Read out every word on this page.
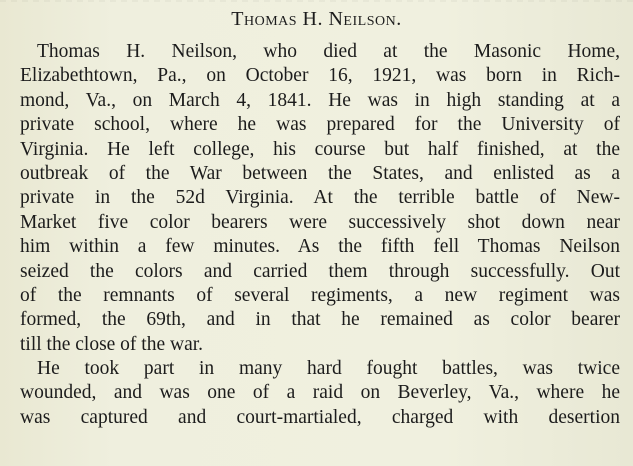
Thomas H. Neilson.
Thomas H. Neilson, who died at the Masonic Home,
Elizabethtown, Pa., on October 16, 1921, was born in Rich-
mond, Va., on March 4, 1841. He was in high standing at a
private school, where he was prepared for the University of
Virginia. He left college, his course but half finished, at the
outbreak of the War between the States, and enlisted as a
private in the 52d Virginia. At the terrible battle of New-
Market five color bearers were successively shot down near
him within a few minutes. As the fifth fell Thomas Neilson
seized the colors and carried them through successfully. Out
of the remnants of several regiments, a new regiment was
formed, the 69th, and in that he remained as color bearer
till the close of the war.
He took part in many hard fought battles, was twice
wounded, and was one of a raid on Beverley, Va., where he
was captured and court-martialed, charged with desertion
